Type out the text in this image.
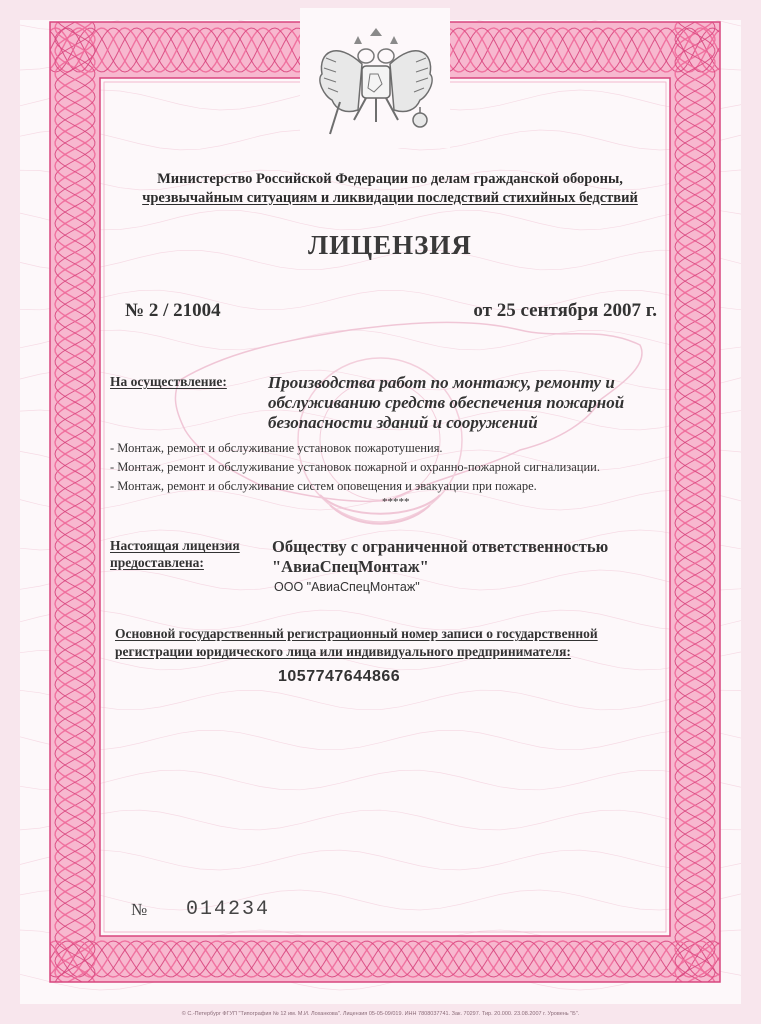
Министерство Российской Федерации по делам гражданской обороны,
чрезвычайным ситуациям и ликвидации последствий стихийных бедствий
ЛИЦЕНЗИЯ
№ 2 / 21004	от 25 сентября 2007 г.
На осуществление: Производства работ по монтажу, ремонту и
обслуживанию средств обеспечения пожарной
безопасности зданий и сооружений
- Монтаж, ремонт и обслуживание установок пожаротушения.
- Монтаж, ремонт и обслуживание установок пожарной и охранно-пожарной сигнализации.
- Монтаж, ремонт и обслуживание систем оповещения и эвакуации при пожаре.
*****
Настоящая лицензия
предоставлена:
Обществу с ограниченной ответственностью
"АвиаСпецМонтаж"
ООО "АвиаСпецМонтаж"
Основной государственный регистрационный номер записи о государственной
регистрации юридического лица или индивидуального предпринимателя:
1057747644866
№ 014234
© С.-Петербург ФГУП "Типография № 12 им. М.И. Лоханкова". Лицензия 05-05-09/019. ИНН 7808037741. Зак. 70297. Тир. 20.000. 23.08.2007 г. Уровень "Б".
